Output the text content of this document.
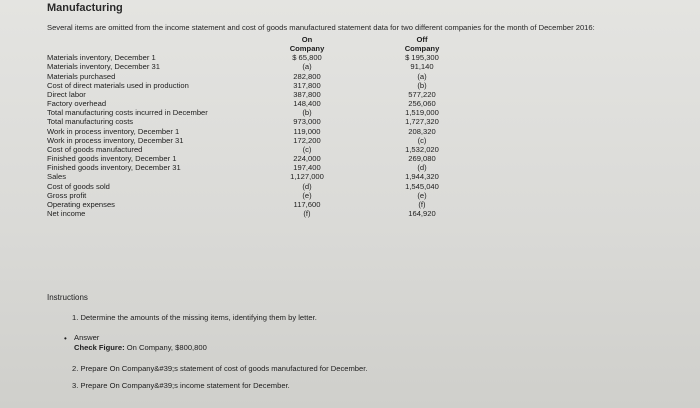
Manufacturing
Several items are omitted from the income statement and cost of goods manufactured statement data for two different companies for the month of December 2016:
	On	Off
	Company	Company
Materials inventory, December 1	$ 65,800	$ 195,300
Materials inventory, December 31	(a)	91,140
Materials purchased	282,800	(a)
Cost of direct materials used in production	317,800	(b)
Direct labor	387,800	577,220
Factory overhead	148,400	256,060
Total manufacturing costs incurred in December	(b)	1,519,000
Total manufacturing costs	973,000	1,727,320
Work in process inventory, December 1	119,000	208,320
Work in process inventory, December 31	172,200	(c)
Cost of goods manufactured	(c)	1,532,020
Finished goods inventory, December 1	224,000	269,080
Finished goods inventory, December 31	197,400	(d)
Sales	1,127,000	1,944,320
Cost of goods sold	(d)	1,545,040
Gross profit	(e)	(e)
Operating expenses	117,600	(f)
Net income	(f)	164,920
Instructions
1. Determine the amounts of the missing items, identifying them by letter.
• Answer
Check Figure: On Company, $800,800
2. Prepare On Company&#39;s statement of cost of goods manufactured for December.
3. Prepare On Company&#39;s income statement for December.
